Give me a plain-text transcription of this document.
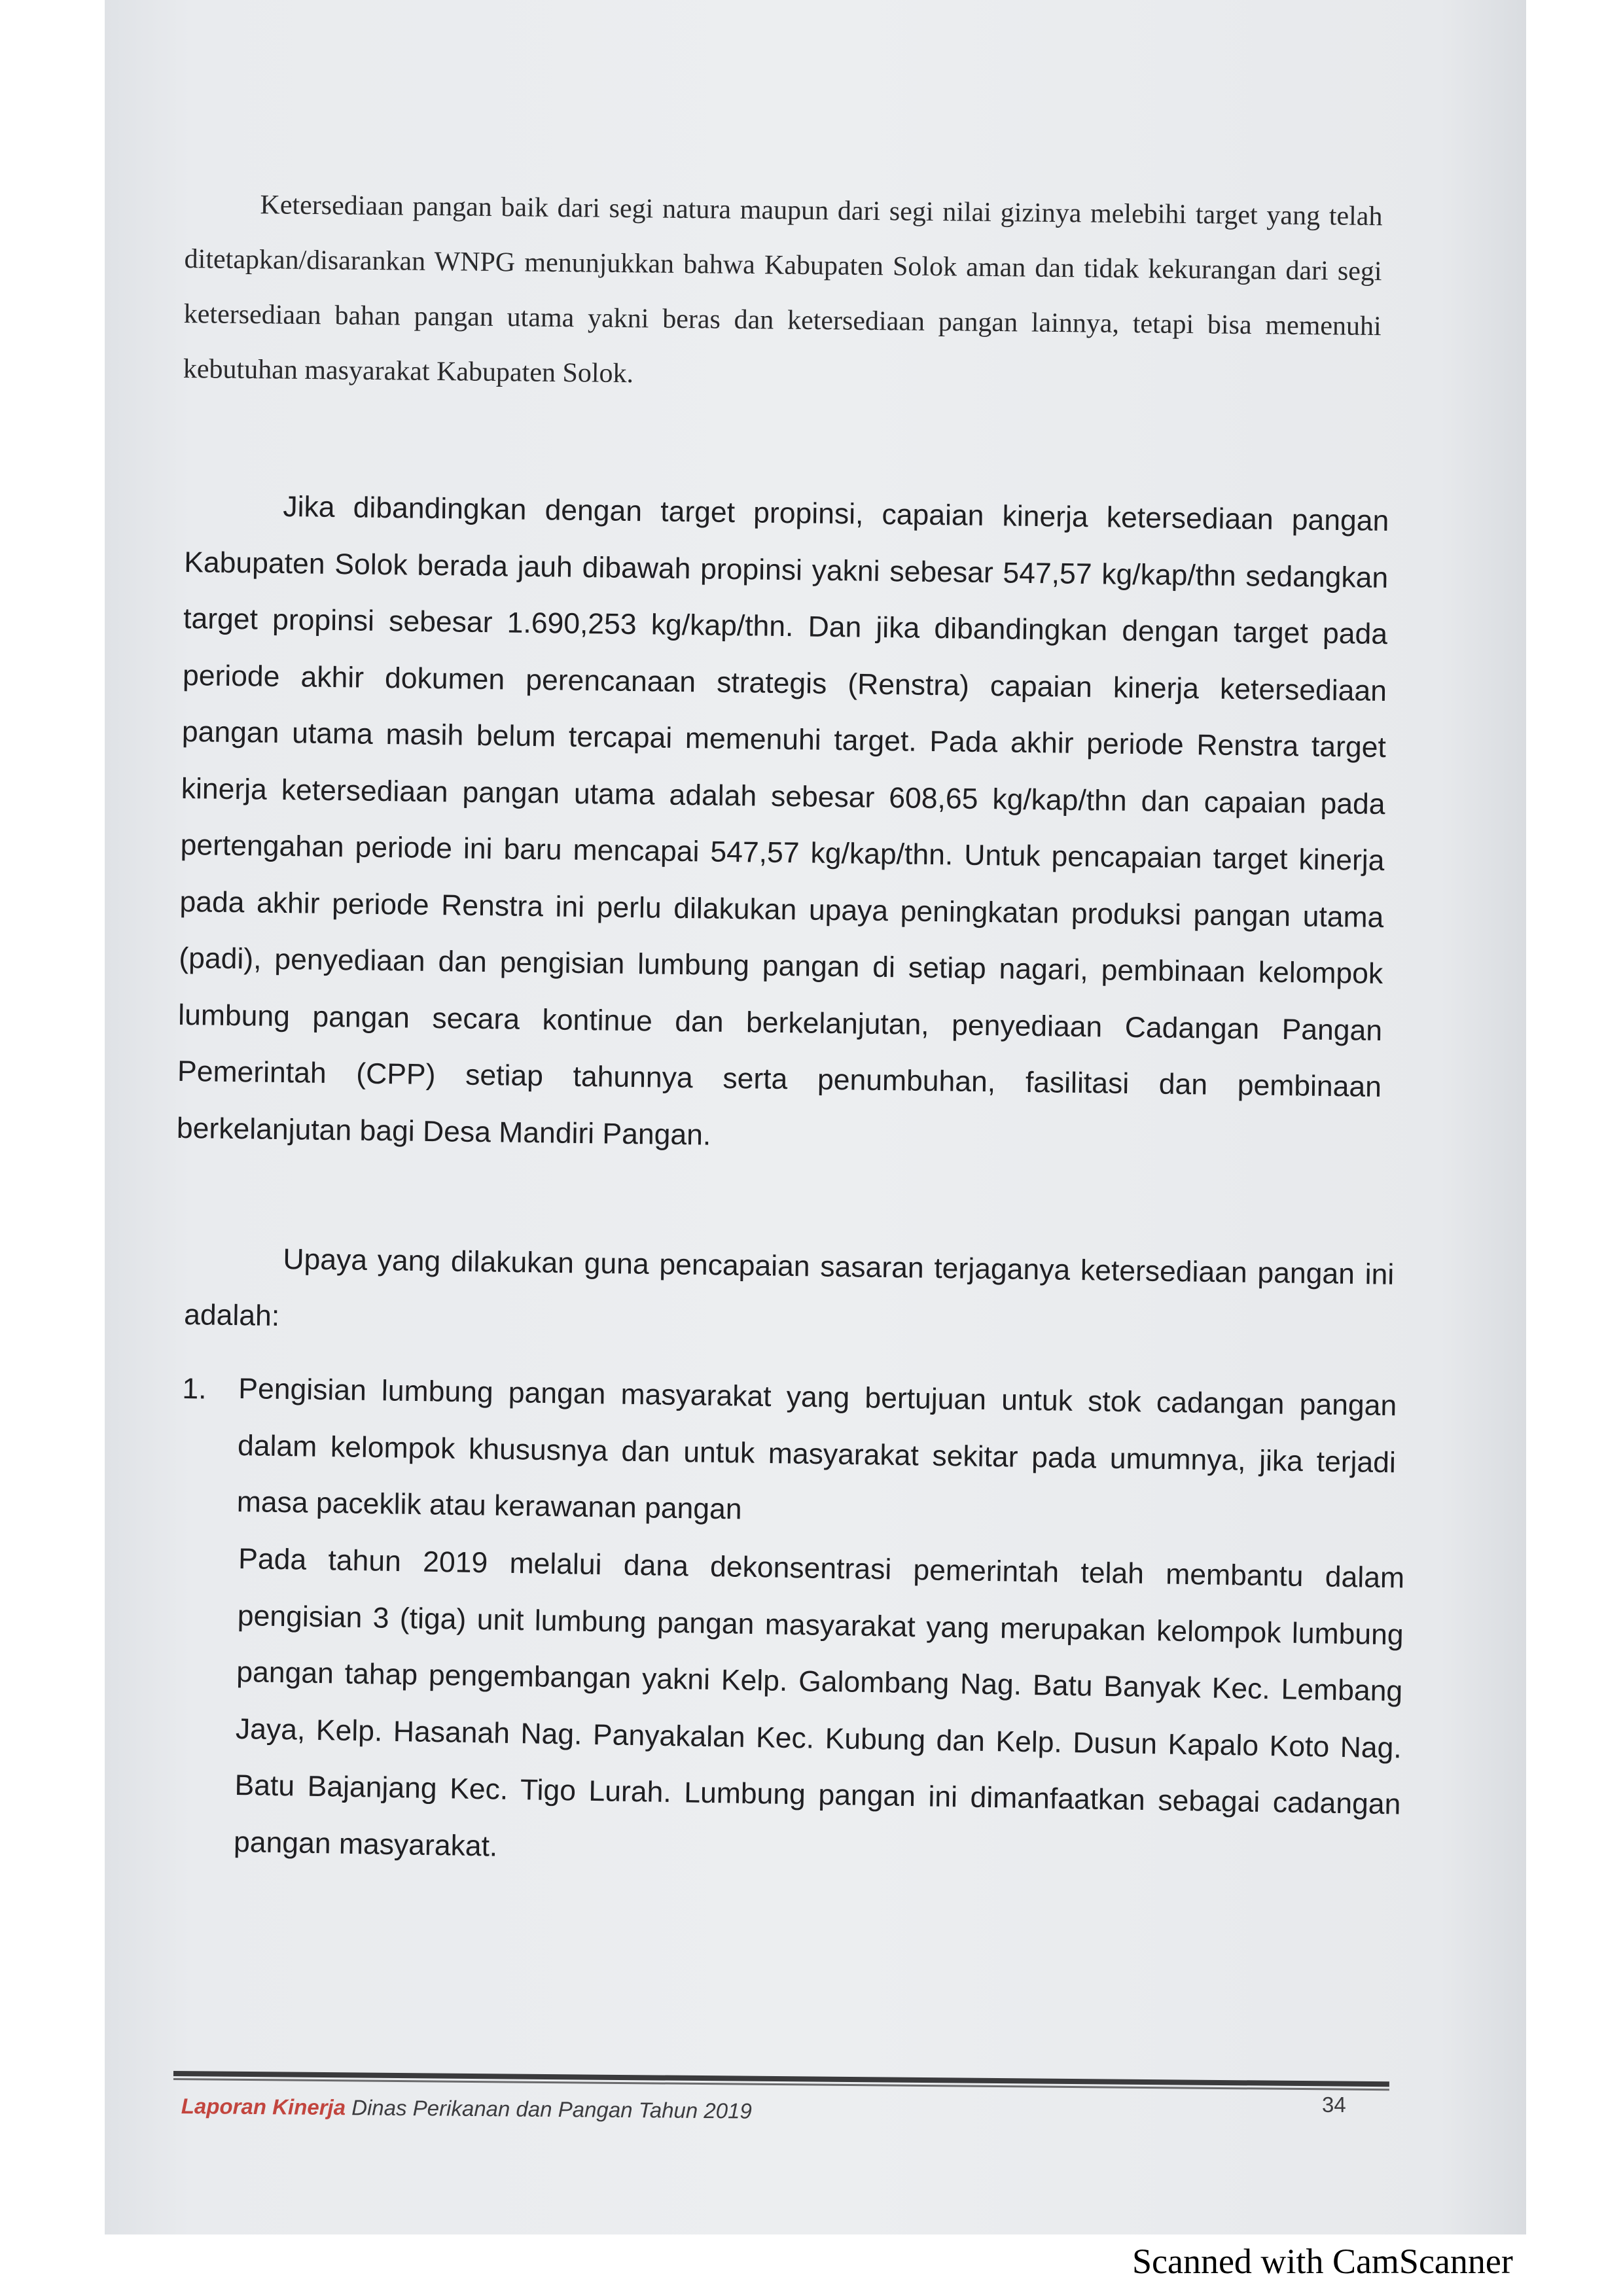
Ketersediaan pangan baik dari segi natura maupun dari segi nilai gizinya melebihi target yang telah ditetapkan/disarankan WNPG menunjukkan bahwa Kabupaten Solok aman dan tidak kekurangan dari segi ketersediaan bahan pangan utama yakni beras dan ketersediaan pangan lainnya, tetapi bisa memenuhi kebutuhan masyarakat Kabupaten Solok.

Jika dibandingkan dengan target propinsi, capaian kinerja ketersediaan pangan Kabupaten Solok berada jauh dibawah propinsi yakni sebesar 547,57 kg/kap/thn sedangkan target propinsi sebesar 1.690,253 kg/kap/thn. Dan jika dibandingkan dengan target pada periode akhir dokumen perencanaan strategis (Renstra) capaian kinerja ketersediaan pangan utama masih belum tercapai memenuhi target. Pada akhir periode Renstra target kinerja ketersediaan pangan utama adalah sebesar 608,65 kg/kap/thn dan capaian pada pertengahan periode ini baru mencapai 547,57 kg/kap/thn. Untuk pencapaian target kinerja pada akhir periode Renstra ini perlu dilakukan upaya peningkatan produksi pangan utama (padi), penyediaan dan pengisian lumbung pangan di setiap nagari, pembinaan kelompok lumbung pangan secara kontinue dan berkelanjutan, penyediaan Cadangan Pangan Pemerintah (CPP) setiap tahunnya serta penumbuhan, fasilitasi dan pembinaan berkelanjutan bagi Desa Mandiri Pangan.

Upaya yang dilakukan guna pencapaian sasaran terjaganya ketersediaan pangan ini adalah:

1. Pengisian lumbung pangan masyarakat yang bertujuan untuk stok cadangan pangan dalam kelompok khususnya dan untuk masyarakat sekitar pada umumnya, jika terjadi masa paceklik atau kerawanan pangan

Pada tahun 2019 melalui dana dekonsentrasi pemerintah telah membantu dalam pengisian 3 (tiga) unit lumbung pangan masyarakat yang merupakan kelompok lumbung pangan tahap pengembangan yakni Kelp. Galombang Nag. Batu Banyak Kec. Lembang Jaya, Kelp. Hasanah Nag. Panyakalan Kec. Kubung dan Kelp. Dusun Kapalo Koto Nag. Batu Bajanjang Kec. Tigo Lurah. Lumbung pangan ini dimanfaatkan sebagai cadangan pangan masyarakat.

Laporan Kinerja Dinas Perikanan dan Pangan Tahun 2019	34
Scanned with CamScanner
